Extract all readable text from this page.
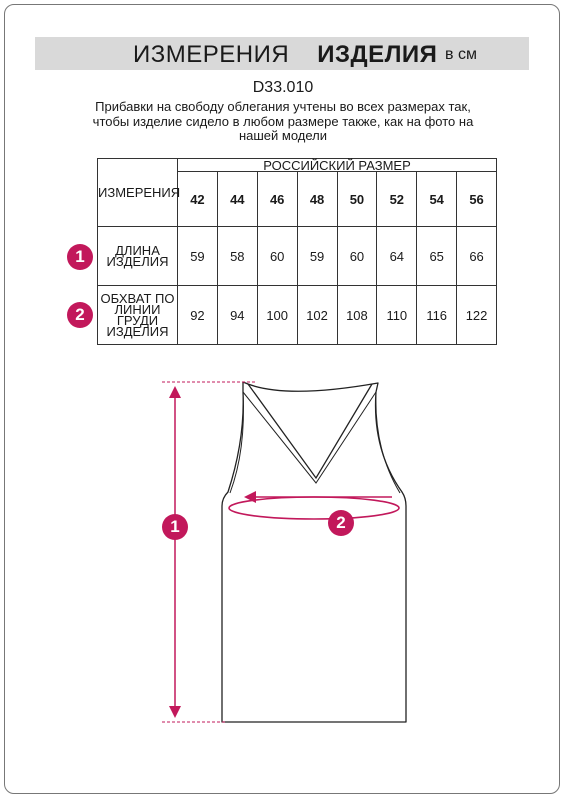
ИЗМЕРЕНИЯ ИЗДЕЛИЯ в см
D33.010
Прибавки на свободу облегания учтены во всех размерах так, чтобы изделие сидело в любом размере также, как на фото на нашей модели
ИЗМЕРЕНИЯ	РОССИЙСКИЙ РАЗМЕР							
	42	44	46	48	50	52	54	56
ДЛИНА ИЗДЕЛИЯ	59	58	60	59	60	64	65	66
ОБХВАТ ПО ЛИНИИ ГРУДИ ИЗДЕЛИЯ	92	94	100	102	108	110	116	122
1
2
1	2
